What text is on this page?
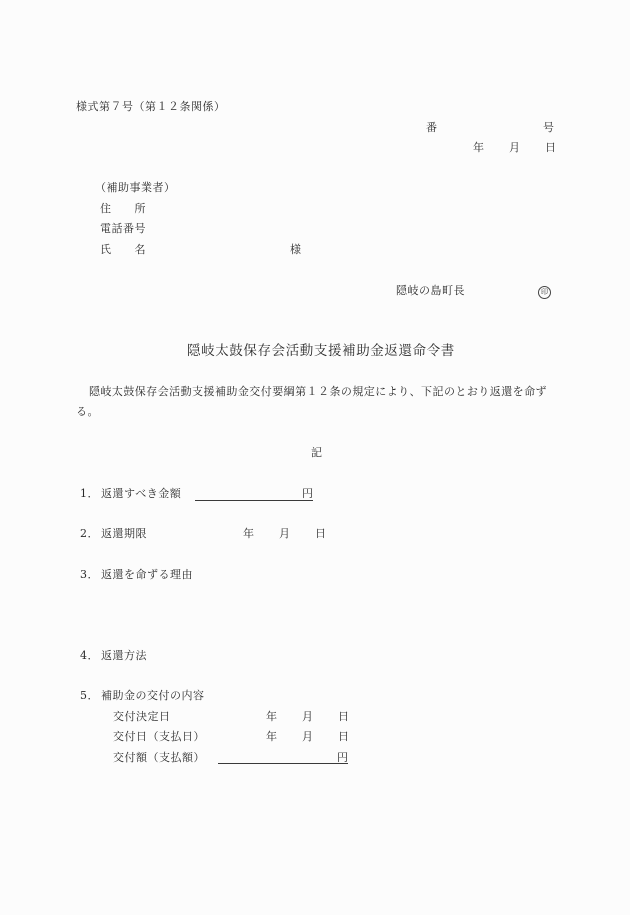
様式第７号（第１２条関係）
番	号
年 月 日
（補助事業者）
住　　所
電話番号
氏　　名	様
隠岐の島町長	印
隠岐太鼓保存会活動支援補助金返還命令書
隠岐太鼓保存会活動支援補助金交付要綱第１２条の規定により、下記のとおり返還を命ずる。
記
1． 返還すべき金額	円
2． 返還期限	年 月 日
3． 返還を命ずる理由
4． 返還方法
5． 補助金の交付の内容
交付決定日	年 月 日
交付日（支払日）	年 月 日
交付額（支払額）	円
